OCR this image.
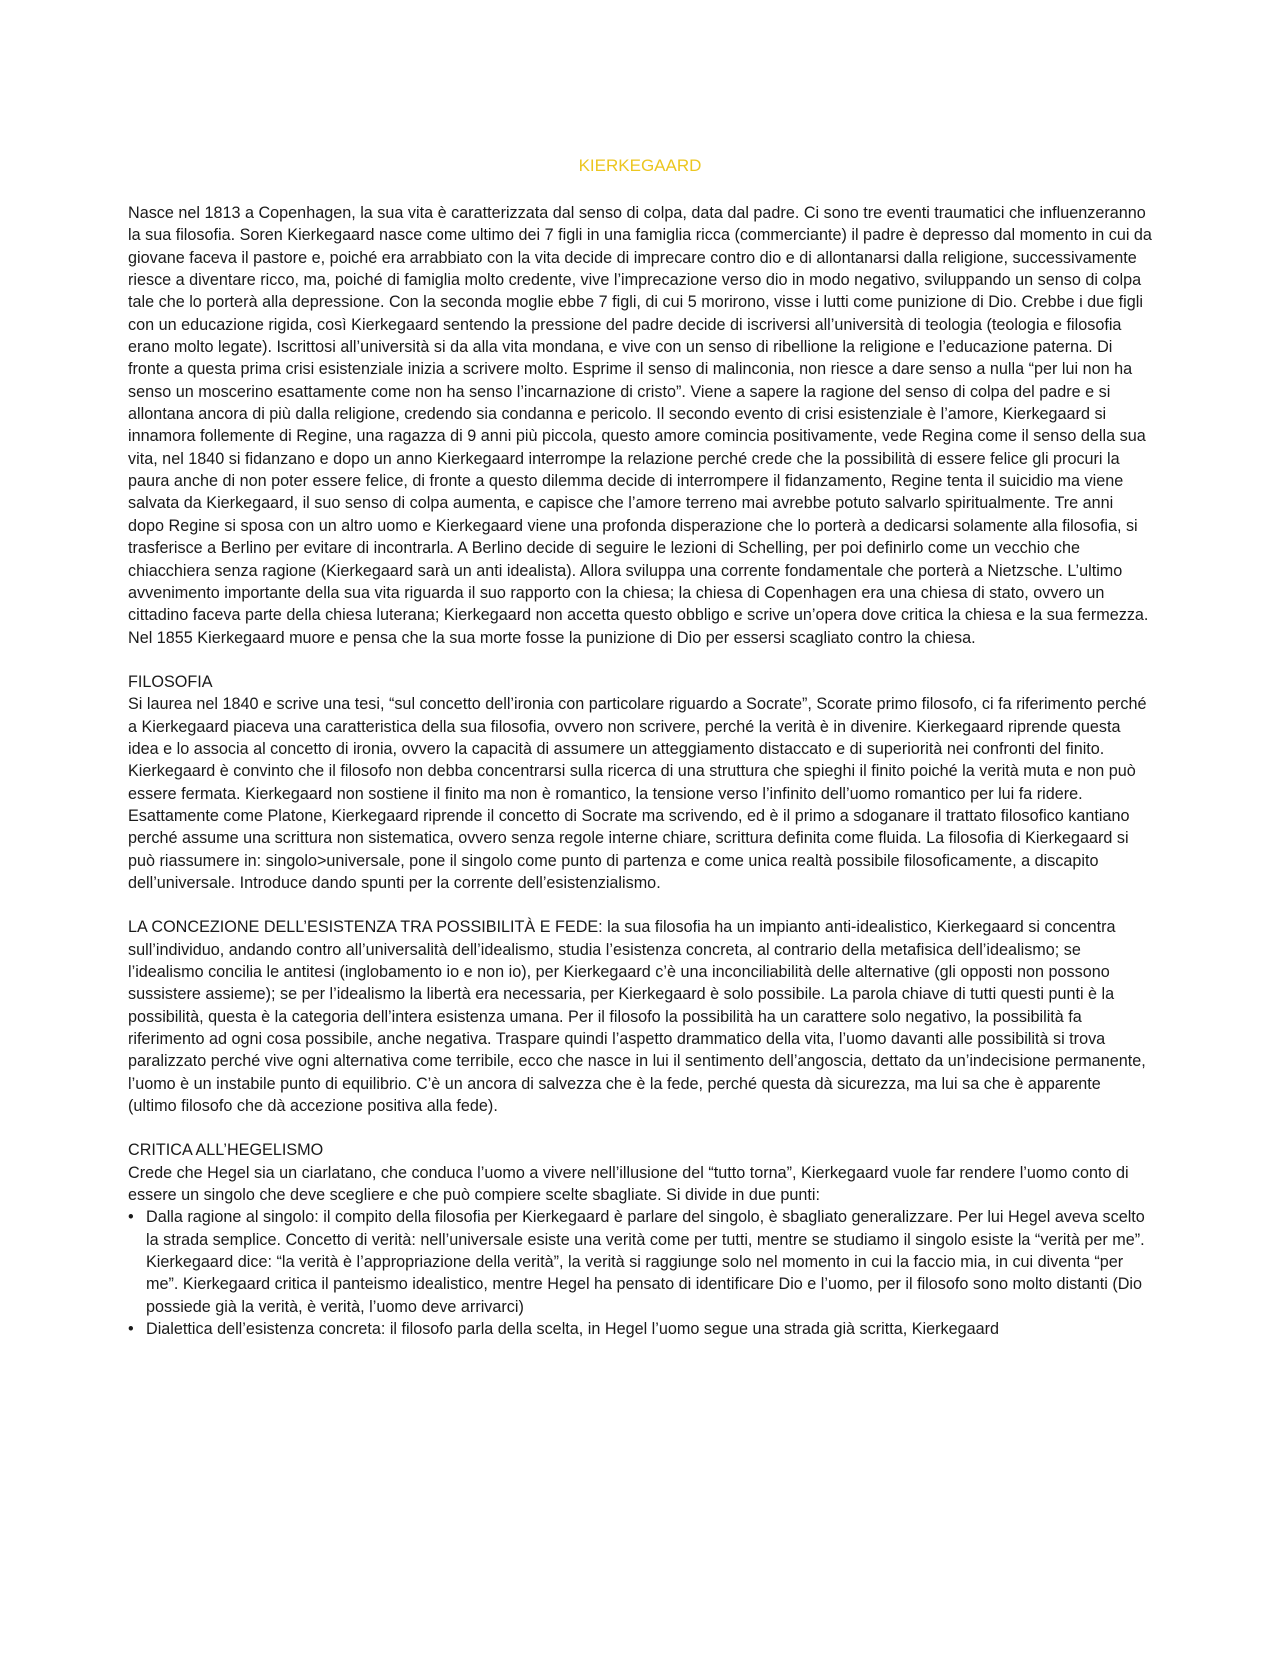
KIERKEGAARD

Nasce nel 1813 a Copenhagen, la sua vita è caratterizzata dal senso di colpa, data dal padre. Ci sono tre eventi traumatici che influenzeranno la sua filosofia. Soren Kierkegaard nasce come ultimo dei 7 figli in una famiglia ricca (commerciante) il padre è depresso dal momento in cui da giovane faceva il pastore e, poiché era arrabbiato con la vita decide di imprecare contro dio e di allontanarsi dalla religione, successivamente riesce a diventare ricco, ma, poiché di famiglia molto credente, vive l’imprecazione verso dio in modo negativo, sviluppando un senso di colpa tale che lo porterà alla depressione. Con la seconda moglie ebbe 7 figli, di cui 5 morirono, visse i lutti come punizione di Dio. Crebbe i due figli con un educazione rigida, così Kierkegaard sentendo la pressione del padre decide di iscriversi all’università di teologia (teologia e filosofia erano molto legate). Iscrittosi all’università si da alla vita mondana, e vive con un senso di ribellione la religione e l’educazione paterna. Di fronte a questa prima crisi esistenziale inizia a scrivere molto. Esprime il senso di malinconia, non riesce a dare senso a nulla “per lui non ha senso un moscerino esattamente come non ha senso l’incarnazione di cristo”. Viene a sapere la ragione del senso di colpa del padre e si allontana ancora di più dalla religione, credendo sia condanna e pericolo. Il secondo evento di crisi esistenziale è l’amore, Kierkegaard si innamora follemente di Regine, una ragazza di 9 anni più piccola, questo amore comincia positivamente, vede Regina come il senso della sua vita, nel 1840 si fidanzano e dopo un anno Kierkegaard interrompe la relazione perché crede che la possibilità di essere felice gli procuri la paura anche di non poter essere felice, di fronte a questo dilemma decide di interrompere il fidanzamento, Regine tenta il suicidio ma viene salvata da Kierkegaard, il suo senso di colpa aumenta, e capisce che l’amore terreno mai avrebbe potuto salvarlo spiritualmente. Tre anni dopo Regine si sposa con un altro uomo e Kierkegaard viene una profonda disperazione che lo porterà a dedicarsi solamente alla filosofia, si trasferisce a Berlino per evitare di incontrarla. A Berlino decide di seguire le lezioni di Schelling, per poi definirlo come un vecchio che chiacchiera senza ragione (Kierkegaard sarà un anti idealista). Allora sviluppa una corrente fondamentale che porterà a Nietzsche. L’ultimo avvenimento importante della sua vita riguarda il suo rapporto con la chiesa; la chiesa di Copenhagen era una chiesa di stato, ovvero un cittadino faceva parte della chiesa luterana; Kierkegaard non accetta questo obbligo e scrive un’opera dove critica la chiesa e la sua fermezza. Nel 1855 Kierkegaard muore e pensa che la sua morte fosse la punizione di Dio per essersi scagliato contro la chiesa.

FILOSOFIA

Si laurea nel 1840 e scrive una tesi, “sul concetto dell’ironia con particolare riguardo a Socrate”, Scorate primo filosofo, ci fa riferimento perché a Kierkegaard piaceva una caratteristica della sua filosofia, ovvero non scrivere, perché la verità è in divenire. Kierkegaard riprende questa idea e lo associa al concetto di ironia, ovvero la capacità di assumere un atteggiamento distaccato e di superiorità nei confronti del finito. Kierkegaard è convinto che il filosofo non debba concentrarsi sulla ricerca di una struttura che spieghi il finito poiché la verità muta e non può essere fermata. Kierkegaard non sostiene il finito ma non è romantico, la tensione verso l’infinito dell’uomo romantico per lui fa ridere. Esattamente come Platone, Kierkegaard riprende il concetto di Socrate ma scrivendo, ed è il primo a sdoganare il trattato filosofico kantiano perché assume una scrittura non sistematica, ovvero senza regole interne chiare, scrittura definita come fluida. La filosofia di Kierkegaard si può riassumere in: singolo>universale, pone il singolo come punto di partenza e come unica realtà possibile filosoficamente, a discapito dell’universale. Introduce dando spunti per la corrente dell’esistenzialismo.

LA CONCEZIONE DELL’ESISTENZA TRA POSSIBILITÀ E FEDE: la sua filosofia ha un impianto anti-idealistico, Kierkegaard si concentra sull’individuo, andando contro all’universalità dell’idealismo, studia l’esistenza concreta, al contrario della metafisica dell’idealismo; se l’idealismo concilia le antitesi (inglobamento io e non io), per Kierkegaard c’è una inconciliabilità delle alternative (gli opposti non possono sussistere assieme); se per l’idealismo la libertà era necessaria, per Kierkegaard è solo possibile. La parola chiave di tutti questi punti è la possibilità, questa è la categoria dell’intera esistenza umana. Per il filosofo la possibilità ha un carattere solo negativo, la possibilità fa riferimento ad ogni cosa possibile, anche negativa. Traspare quindi l’aspetto drammatico della vita, l’uomo davanti alle possibilità si trova paralizzato perché vive ogni alternativa come terribile, ecco che nasce in lui il sentimento dell’angoscia, dettato da un’indecisione permanente, l’uomo è un instabile punto di equilibrio. C’è un ancora di salvezza che è la fede, perché questa dà sicurezza, ma lui sa che è apparente (ultimo filosofo che dà accezione positiva alla fede).

CRITICA ALL’HEGELISMO

Crede che Hegel sia un ciarlatano, che conduca l’uomo a vivere nell’illusione del “tutto torna”, Kierkegaard vuole far rendere l’uomo conto di essere un singolo che deve scegliere e che può compiere scelte sbagliate. Si divide in due punti:

• Dalla ragione al singolo: il compito della filosofia per Kierkegaard è parlare del singolo, è sbagliato generalizzare. Per lui Hegel aveva scelto la strada semplice. Concetto di verità: nell’universale esiste una verità come per tutti, mentre se studiamo il singolo esiste la “verità per me”. Kierkegaard dice: “la verità è l’appropriazione della verità”, la verità si raggiunge solo nel momento in cui la faccio mia, in cui diventa “per me”. Kierkegaard critica il panteismo idealistico, mentre Hegel ha pensato di identificare Dio e l’uomo, per il filosofo sono molto distanti (Dio possiede già la verità, è verità, l’uomo deve arrivarci)
• Dialettica dell’esistenza concreta: il filosofo parla della scelta, in Hegel l’uomo segue una strada già scritta, Kierkegaard
